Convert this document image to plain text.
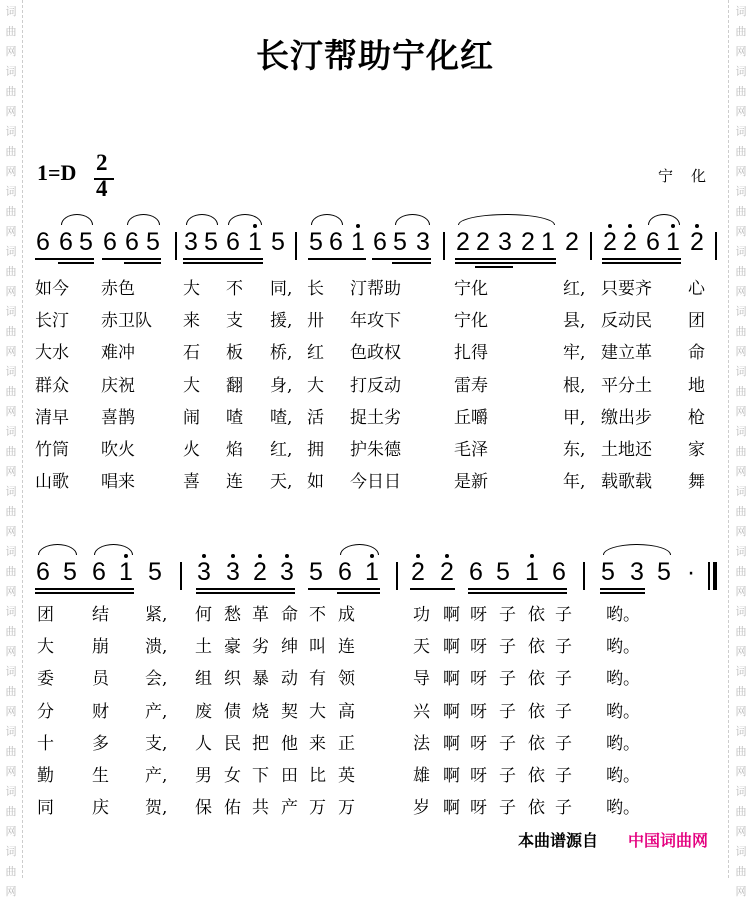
词
曲
网
词
曲
网
词
曲
网
词
曲
网
词
曲
网
词
曲
网
词
曲
网
词
曲
网
词
曲
网
词
曲
网
词
曲
网
词
曲
网
词
曲
网
词
曲
网
词
曲
网
词
曲
网
词
曲
网
词
曲
网
词
曲
网
词
曲
网
词
曲
网
词
曲
网
词
曲
网
词
曲
网
词
曲
网
词
曲
网
词
曲
网
词
曲
网
词
曲
网
词
曲
网
长汀帮助宁化红
1=D 2
4	宁化
6 6 5 6 6 5 3 5 6 1 5 5 6 1 6 5 3 2 2 3 2 1 2 2 2 6 1 2
如今 赤色	大 不 同, 长 汀帮助	宁化	红, 只要齐 心
长汀 赤卫队 来 支 援, 卅 年攻下	宁化	县, 反动民 团
大水 难冲	石 板 桥, 红 色政权	扎得	牢, 建立革 命
群众 庆祝	大 翻 身, 大 打反动	雷寿	根, 平分土 地
清早 喜鹊	闹 喳 喳, 活 捉土劣	丘嚼	甲, 缴出步 枪
竹筒 吹火	火 焰 红, 拥 护朱德	毛泽	东, 土地还 家
山歌 唱来	喜 连 天, 如 今日日	是新	年, 载歌载 舞
6 5 6 1 5 3 3 2 3 5 6 1 2 2 6 5 1 6 5 3 5 ·
团 结 紧, 何 愁 革 命 不 成	功 啊 呀 子 依 子 哟。
大 崩 溃, 土 豪 劣 绅 叫 连	天 啊 呀 子 依 子 哟。
委 员 会, 组 织 暴 动 有 领	导 啊 呀 子 依 子 哟。
分 财 产, 废 债 烧 契 大 高	兴 啊 呀 子 依 子 哟。
十 多 支, 人 民 把 他 来 正	法 啊 呀 子 依 子 哟。
勤 生 产, 男 女 下 田 比 英	雄 啊 呀 子 依 子 哟。
同 庆 贺, 保 佑 共 产 万 万	岁 啊 呀 子 依 子 哟。
本曲谱源自 中国词曲网
